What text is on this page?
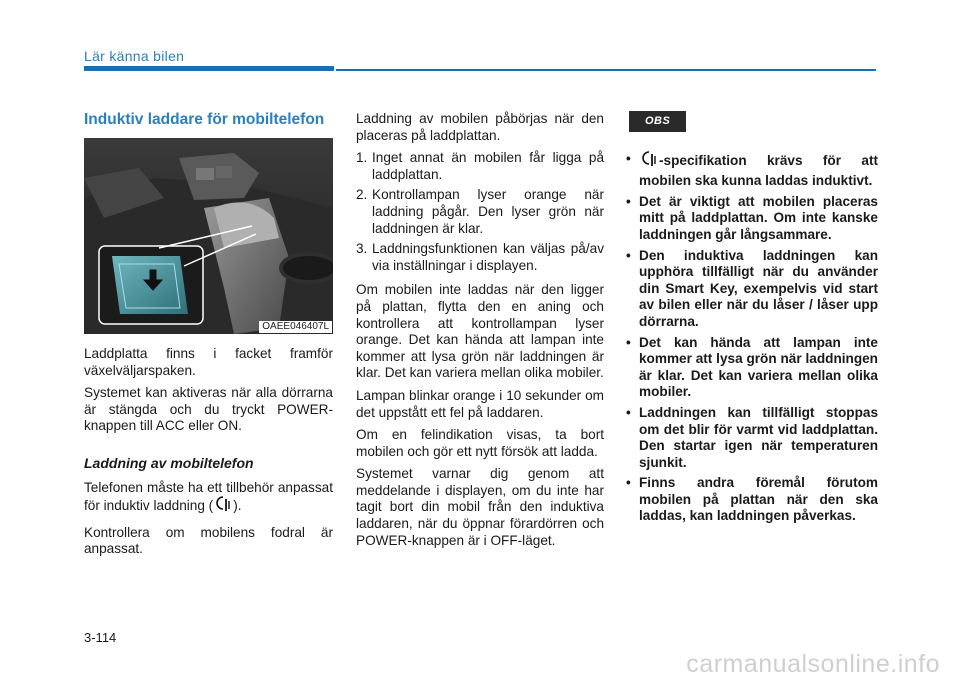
Lär känna bilen
Induktiv laddare för mobiltelefon
OAEE046407L

Laddplatta finns i facket framför växelväljarspaken.

Systemet kan aktiveras när alla dörrarna är stängda och du tryckt POWER-knappen till ACC eller ON.

Laddning av mobiltelefon

Telefonen måste ha ett tillbehör anpassat för induktiv laddning ( ).

Kontrollera om mobilens fodral är anpassat.

Laddning av mobilen påbörjas när den placeras på laddplattan.

1. Inget annat än mobilen får ligga på laddplattan.
2. Kontrollampan lyser orange när laddning pågår. Den lyser grön när laddningen är klar.
3. Laddningsfunktionen kan väljas på/av via inställningar i displayen.

Om mobilen inte laddas när den ligger på plattan, flytta den en aning och kontrollera att kontrollampan lyser orange. Det kan hända att lampan inte kommer att lysa grön när laddningen är klar. Det kan variera mellan olika mobiler.

Lampan blinkar orange i 10 sekunder om det uppstått ett fel på laddaren.

Om en felindikation visas, ta bort mobilen och gör ett nytt försök att ladda.

Systemet varnar dig genom att meddelande i displayen, om du inte har tagit bort din mobil från den induktiva laddaren, när du öppnar förardörren och POWER-knappen är i OFF-läget.

OBS
• -specifikation krävs för att mobilen ska kunna laddas induktivt.
• Det är viktigt att mobilen placeras mitt på laddplattan. Om inte kanske laddningen går långsammare.
• Den induktiva laddningen kan upphöra tillfälligt när du använder din Smart Key, exempelvis vid start av bilen eller när du låser / låser upp dörrarna.
• Det kan hända att lampan inte kommer att lysa grön när laddningen är klar. Det kan variera mellan olika mobiler.
• Laddningen kan tillfälligt stoppas om det blir för varmt vid laddplattan. Den startar igen när temperaturen sjunkit.
• Finns andra föremål förutom mobilen på plattan när den ska laddas, kan laddningen påverkas.
3-114
carmanualsonline.info
